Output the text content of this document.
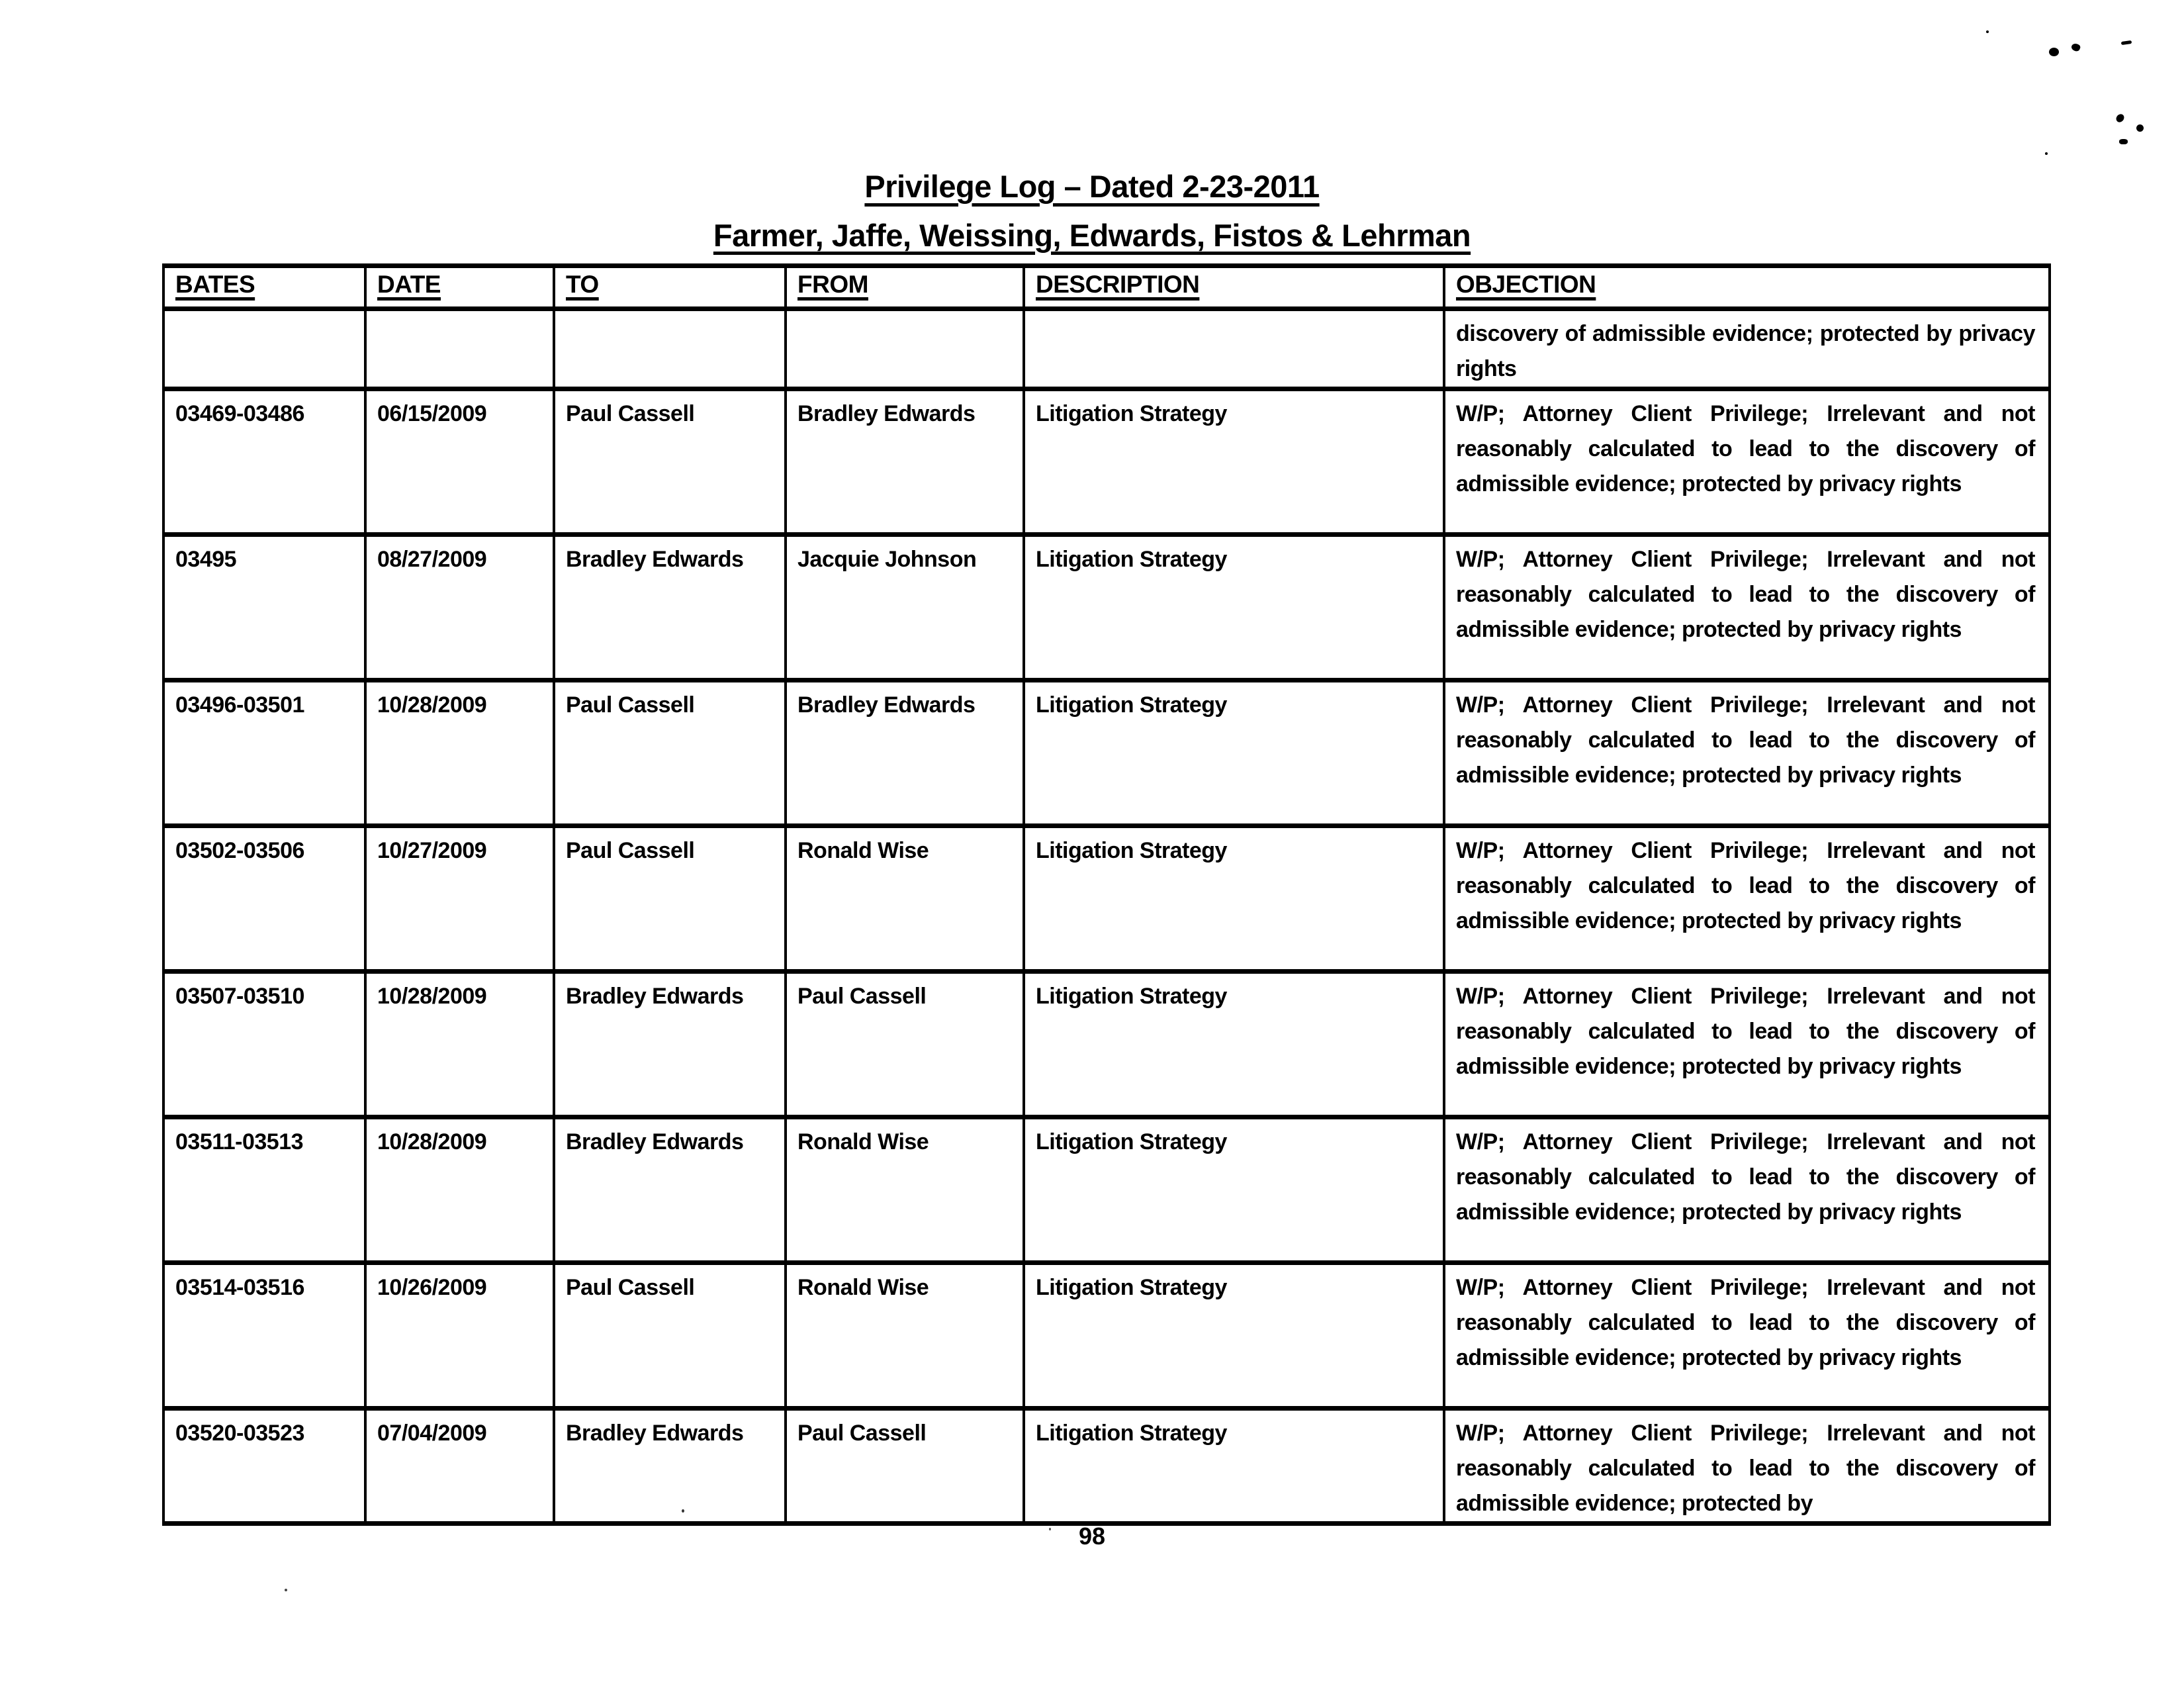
Privilege Log – Dated 2-23-2011
Farmer, Jaffe, Weissing, Edwards, Fistos & Lehrman
BATES	DATE	TO	FROM	DESCRIPTION	OBJECTION
					discovery of admissible evidence; protected by privacy rights
03469-03486	06/15/2009	Paul Cassell	Bradley Edwards	Litigation Strategy	W/P; Attorney Client Privilege; Irrelevant and not reasonably calculated to lead to the discovery of admissible evidence; protected by privacy rights
03495	08/27/2009	Bradley Edwards	Jacquie Johnson	Litigation Strategy	W/P; Attorney Client Privilege; Irrelevant and not reasonably calculated to lead to the discovery of admissible evidence; protected by privacy rights
03496-03501	10/28/2009	Paul Cassell	Bradley Edwards	Litigation Strategy	W/P; Attorney Client Privilege; Irrelevant and not reasonably calculated to lead to the discovery of admissible evidence; protected by privacy rights
03502-03506	10/27/2009	Paul Cassell	Ronald Wise	Litigation Strategy	W/P; Attorney Client Privilege; Irrelevant and not reasonably calculated to lead to the discovery of admissible evidence; protected by privacy rights
03507-03510	10/28/2009	Bradley Edwards	Paul Cassell	Litigation Strategy	W/P; Attorney Client Privilege; Irrelevant and not reasonably calculated to lead to the discovery of admissible evidence; protected by privacy rights
03511-03513	10/28/2009	Bradley Edwards	Ronald Wise	Litigation Strategy	W/P; Attorney Client Privilege; Irrelevant and not reasonably calculated to lead to the discovery of admissible evidence; protected by privacy rights
03514-03516	10/26/2009	Paul Cassell	Ronald Wise	Litigation Strategy	W/P; Attorney Client Privilege; Irrelevant and not reasonably calculated to lead to the discovery of admissible evidence; protected by privacy rights
03520-03523	07/04/2009	Bradley Edwards	Paul Cassell	Litigation Strategy	W/P; Attorney Client Privilege; Irrelevant and not reasonably calculated to lead to the discovery of admissible evidence; protected by
98
